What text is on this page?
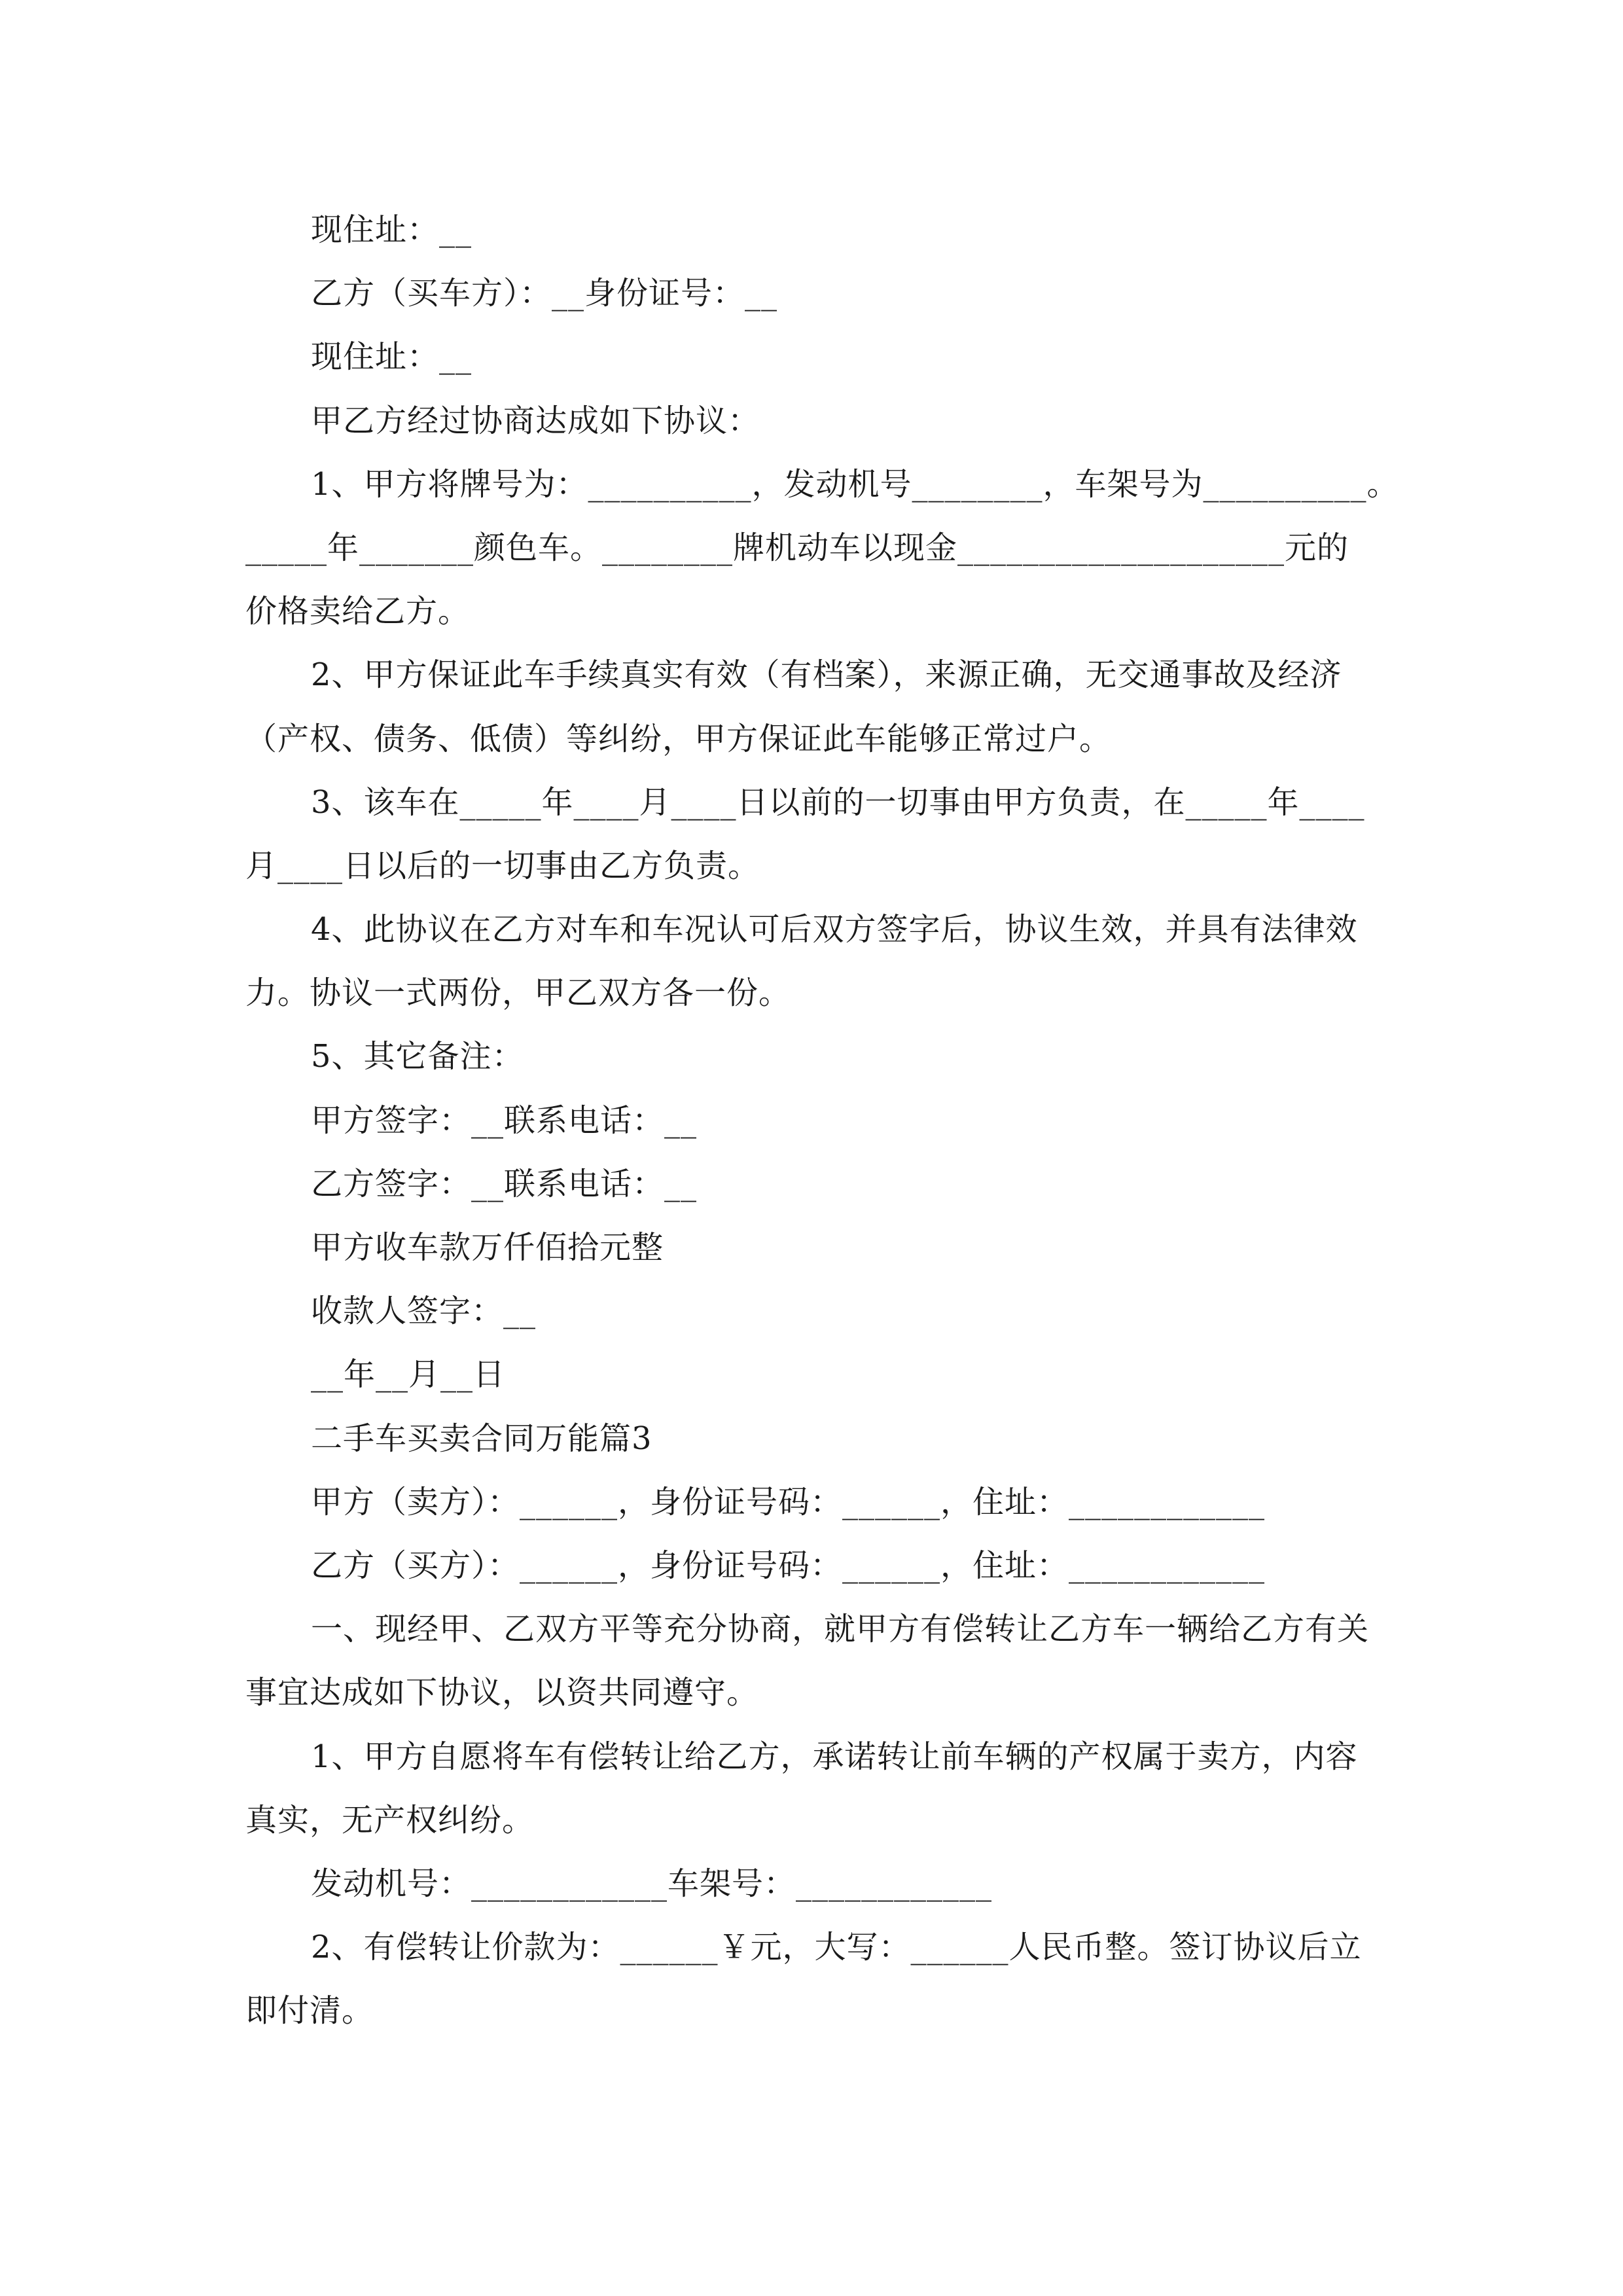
现住址：__
乙方（买车方）：__身份证号：__
现住址：__
甲乙方经过协商达成如下协议：
1、甲方将牌号为：__________，发动机号________，车架号为__________。
_____年_______颜色车。________牌机动车以现金____________________元的
价格卖给乙方。
2、甲方保证此车手续真实有效（有档案），来源正确，无交通事故及经济
（产权、债务、低债）等纠纷，甲方保证此车能够正常过户。
3、该车在_____年____月____日以前的一切事由甲方负责，在_____年____
月____日以后的一切事由乙方负责。
4、此协议在乙方对车和车况认可后双方签字后，协议生效，并具有法律效
力。协议一式两份，甲乙双方各一份。
5、其它备注：
甲方签字：__联系电话：__
乙方签字：__联系电话：__
甲方收车款万仟佰拾元整
收款人签字：__
__年__月__日
二手车买卖合同万能篇3
甲方（卖方）：______，身份证号码：______，住址：____________
乙方（买方）：______，身份证号码：______，住址：____________
一、现经甲、乙双方平等充分协商，就甲方有偿转让乙方车一辆给乙方有关
事宜达成如下协议，以资共同遵守。
1、甲方自愿将车有偿转让给乙方，承诺转让前车辆的产权属于卖方，内容
真实，无产权纠纷。
发动机号：____________车架号：____________
2、有偿转让价款为：______￥元，大写：______人民币整。签订协议后立
即付清。
